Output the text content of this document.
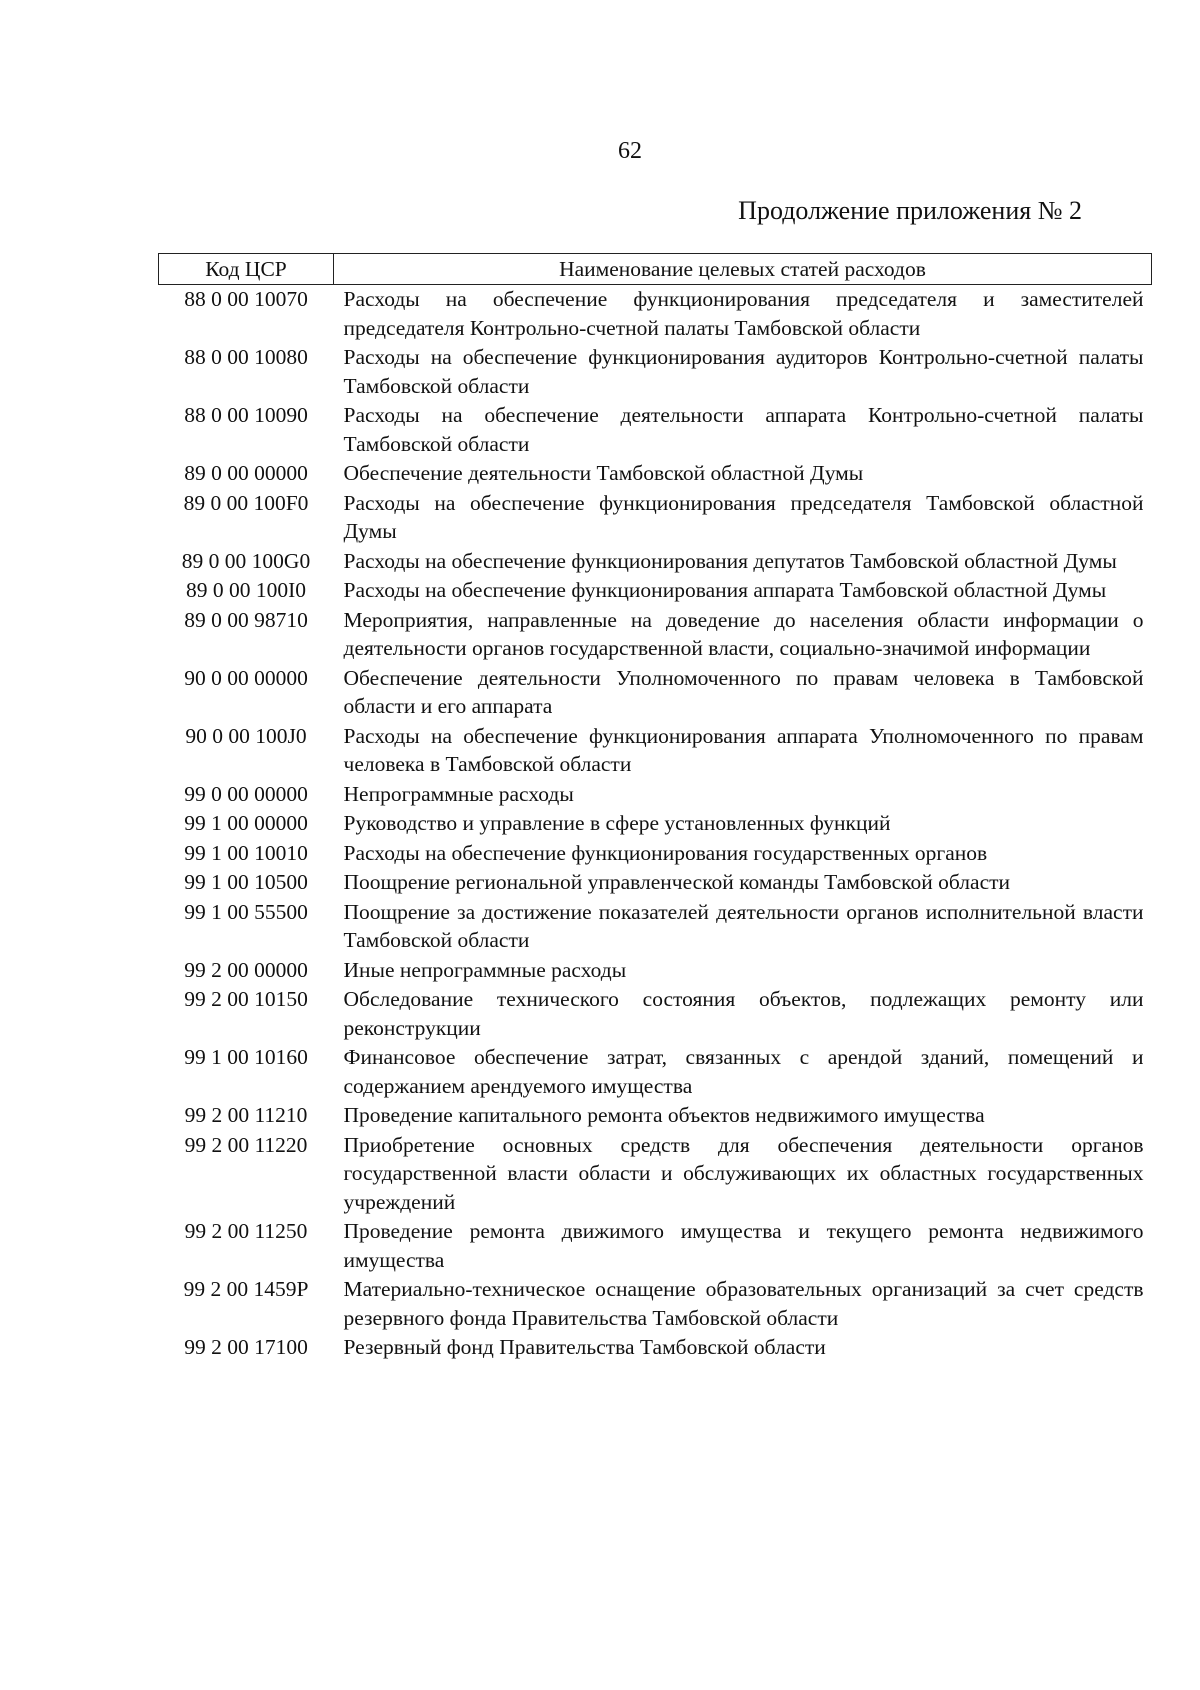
62
Продолжение приложения № 2
Код ЦСР	Наименование целевых статей расходов
88 0 00 10070	Расходы на обеспечение функционирования председателя и заместителей председателя Контрольно-счетной палаты Тамбовской области
88 0 00 10080	Расходы на обеспечение функционирования аудиторов Контрольно-счетной палаты Тамбовской области
88 0 00 10090	Расходы на обеспечение деятельности аппарата Контрольно-счетной палаты Тамбовской области
89 0 00 00000	Обеспечение деятельности Тамбовской областной Думы
89 0 00 100F0	Расходы на обеспечение функционирования председателя Тамбовской областной Думы
89 0 00 100G0	Расходы на обеспечение функционирования депутатов Тамбовской областной Думы
89 0 00 100I0	Расходы на обеспечение функционирования аппарата Тамбовской областной Думы
89 0 00 98710	Мероприятия, направленные на доведение до населения области информации о деятельности органов государственной власти, социально-значимой информации
90 0 00 00000	Обеспечение деятельности Уполномоченного по правам человека в Тамбовской области и его аппарата
90 0 00 100J0	Расходы на обеспечение функционирования аппарата Уполномоченного по правам человека в Тамбовской области
99 0 00 00000	Непрограммные расходы
99 1 00 00000	Руководство и управление в сфере установленных функций
99 1 00 10010	Расходы на обеспечение функционирования государственных органов
99 1 00 10500	Поощрение региональной управленческой команды Тамбовской области
99 1 00 55500	Поощрение за достижение показателей деятельности органов исполнительной власти Тамбовской области
99 2 00 00000	Иные непрограммные расходы
99 2 00 10150	Обследование технического состояния объектов, подлежащих ремонту или реконструкции
99 1 00 10160	Финансовое обеспечение затрат, связанных с арендой зданий, помещений и содержанием арендуемого имущества
99 2 00 11210	Проведение капитального ремонта объектов недвижимого имущества
99 2 00 11220	Приобретение основных средств для обеспечения деятельности органов государственной власти области и обслуживающих их областных государственных учреждений
99 2 00 11250	Проведение ремонта движимого имущества и текущего ремонта недвижимого имущества
99 2 00 1459P	Материально-техническое оснащение образовательных организаций за счет средств резервного фонда Правительства Тамбовской области
99 2 00 17100	Резервный фонд Правительства Тамбовской области
